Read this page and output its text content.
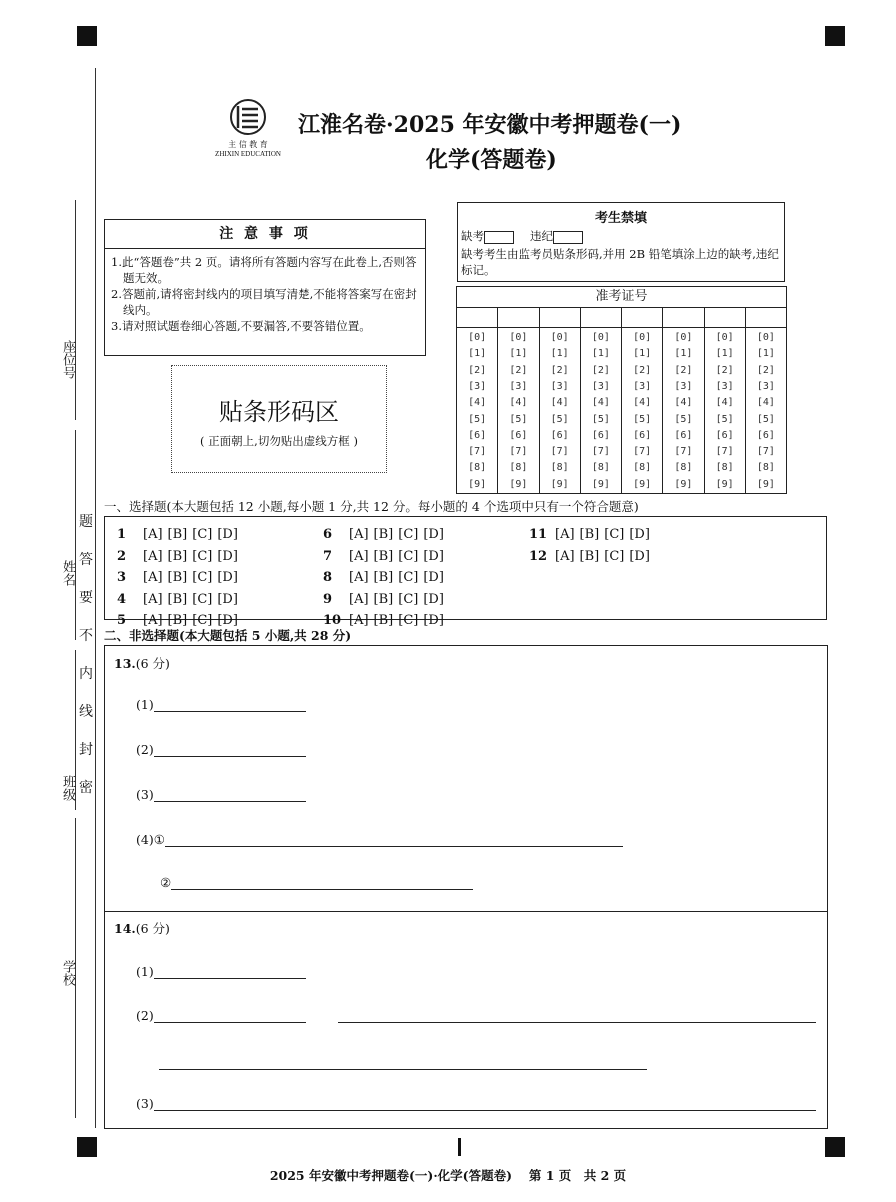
座位号
姓名
班级
学校
题
答
要
不
内
线
封
密
主 信 教 育
ZHIXIN EDUCATION
江淮名卷·2025 年安徽中考押题卷(一)
化学(答题卷)
注 意 事 项
1.此“答题卷”共 2 页。请将所有答题内容写在此卷上,否则答题无效。
2.答题前,请将密封线内的项目填写清楚,不能将答案写在密封线内。
3.请对照试题卷细心答题,不要漏答,不要答错位置。
贴条形码区
( 正面朝上,切勿贴出虚线方框 )
考生禁填
缺考	违纪
缺考考生由监考员贴条形码,并用 2B 铅笔填涂上边的缺考,违纪标记。
准考证号
[0]
[1]
[2]
[3]
[4]
[5]
[6]
[7]
[8]
[9]
[0]
[1]
[2]
[3]
[4]
[5]
[6]
[7]
[8]
[9]
[0]
[1]
[2]
[3]
[4]
[5]
[6]
[7]
[8]
[9]
[0]
[1]
[2]
[3]
[4]
[5]
[6]
[7]
[8]
[9]
[0]
[1]
[2]
[3]
[4]
[5]
[6]
[7]
[8]
[9]
[0]
[1]
[2]
[3]
[4]
[5]
[6]
[7]
[8]
[9]
[0]
[1]
[2]
[3]
[4]
[5]
[6]
[7]
[8]
[9]
[0]
[1]
[2]
[3]
[4]
[5]
[6]
[7]
[8]
[9]
一、选择题(本大题包括 12 小题,每小题 1 分,共 12 分。每小题的 4 个选项中只有一个符合题意)
1 [A] [B] [C] [D]
2 [A] [B] [C] [D]
3 [A] [B] [C] [D]
4 [A] [B] [C] [D]
5 [A] [B] [C] [D]
6 [A] [B] [C] [D]
7 [A] [B] [C] [D]
8 [A] [B] [C] [D]
9 [A] [B] [C] [D]
10 [A] [B] [C] [D]
11 [A] [B] [C] [D]
12 [A] [B] [C] [D]
二、非选择题(本大题包括 5 小题,共 28 分)
13.(6 分)
(1)
(2)
(3)
(4)①
②
14.(6 分)
(1)
(2)
(3)
2025 年安徽中考押题卷(一)·化学(答题卷)　 第 1 页　共 2 页
